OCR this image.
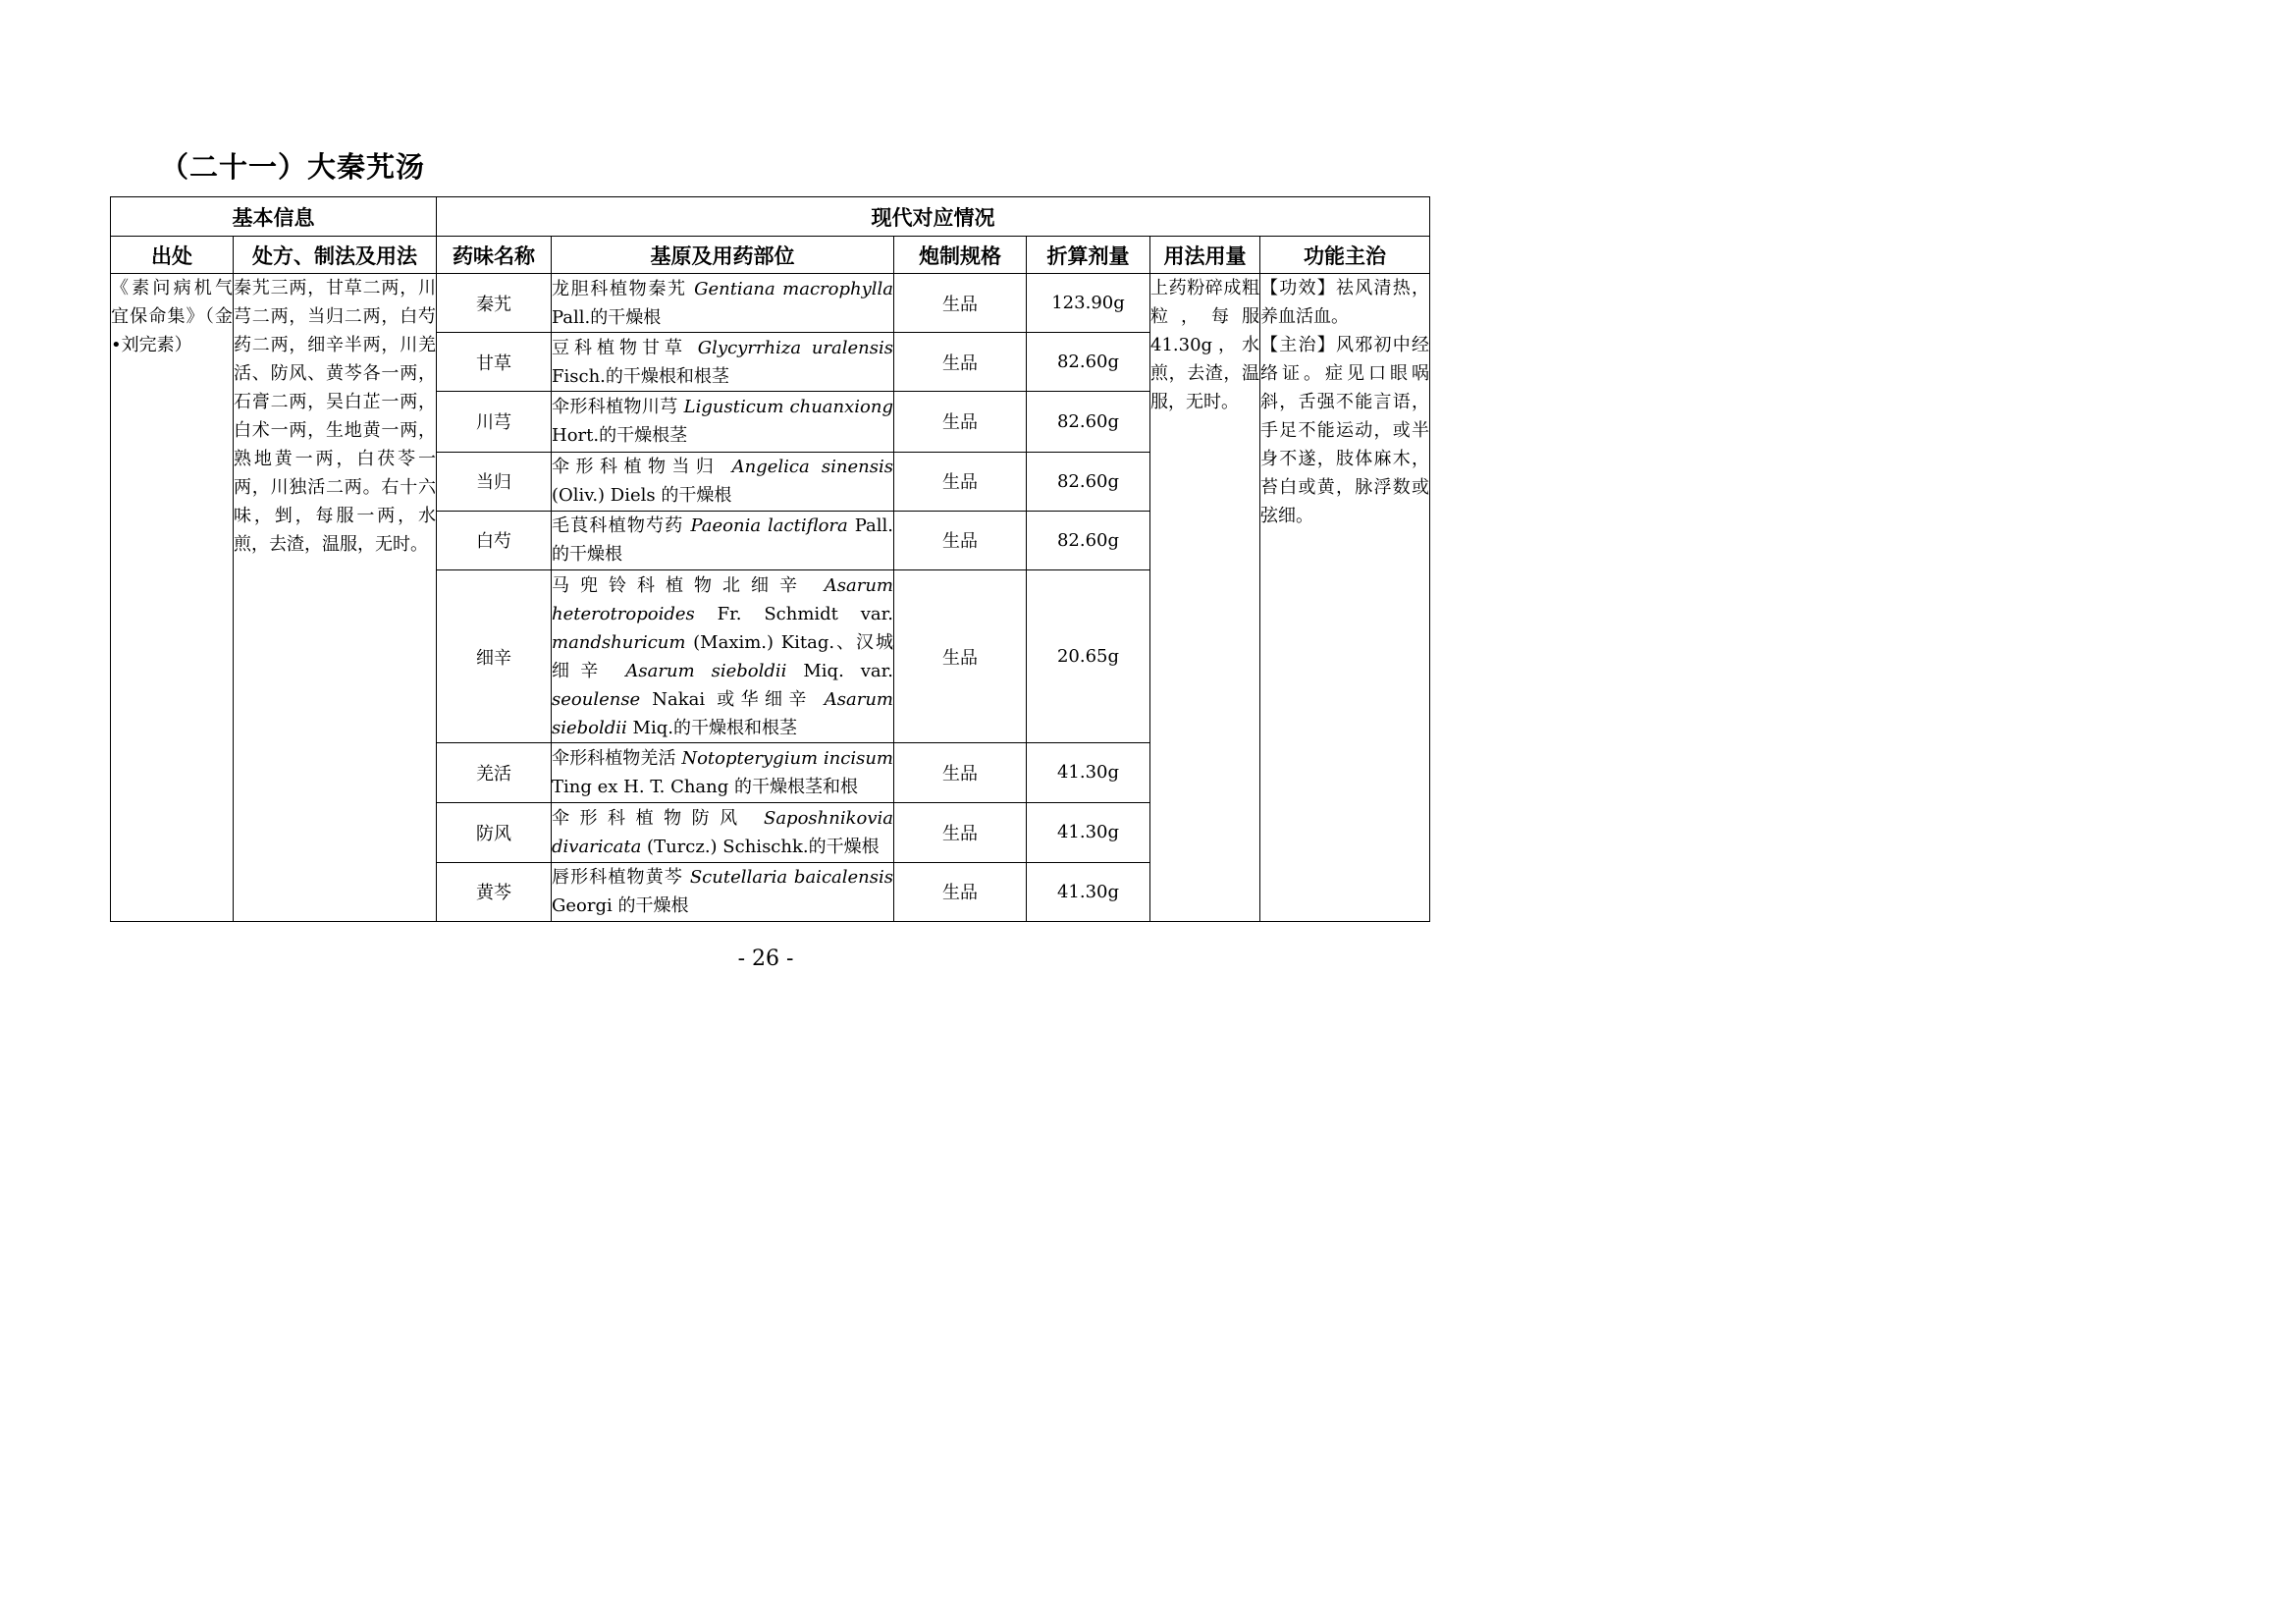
（二十一）大秦艽汤
基本信息		现代对应情况					
出处	处方、制法及用法	药味名称	基原及用药部位	炮制规格	折算剂量	用法用量	功能主治
《素问病机气宜保命集》（金•刘完素）	秦艽三两，甘草二两，川芎二两，当归二两，白芍药二两，细辛半两，川羌活、防风、黄芩各一两，石膏二两，吴白芷一两，白术一两，生地黄一两，熟地黄一两，白茯苓一两，川独活二两。右十六味，剉，每服一两，水煎，去渣，温服，无时。	秦艽	龙胆科植物秦艽 Gentiana macrophylla Pall.的干燥根	生品	123.90g	上药粉碎成粗粒，每服41.30g，水煎，去渣，温服，无时。	【功效】祛风清热，养血活血。
【主治】风邪初中经络证。症见口眼㖞斜，舌强不能言语，手足不能运动，或半身不遂，肢体麻木，苔白或黄，脉浮数或弦细。
		甘草	豆科植物甘草 Glycyrrhiza uralensis Fisch.的干燥根和根茎	生品	82.60g		
		川芎	伞形科植物川芎 Ligusticum chuanxiong Hort.的干燥根茎	生品	82.60g		
		当归	伞形科植物当归 Angelica sinensis (Oliv.) Diels 的干燥根	生品	82.60g		
		白芍	毛茛科植物芍药 Paeonia lactiflora Pall.的干燥根	生品	82.60g		
		细辛	马兜铃科植物北细辛 Asarum heterotropoides Fr. Schmidt var. mandshuricum (Maxim.) Kitag.、汉城细辛 Asarum sieboldii Miq. var. seoulense Nakai 或华细辛 Asarum sieboldii Miq.的干燥根和根茎	生品	20.65g		
		羌活	伞形科植物羌活 Notopterygium incisum Ting ex H. T. Chang 的干燥根茎和根	生品	41.30g		
		防风	伞形科植物防风 Saposhnikovia divaricata (Turcz.) Schischk.的干燥根	生品	41.30g		
		黄芩	唇形科植物黄芩 Scutellaria baicalensis Georgi 的干燥根	生品	41.30g		
- 26 -
